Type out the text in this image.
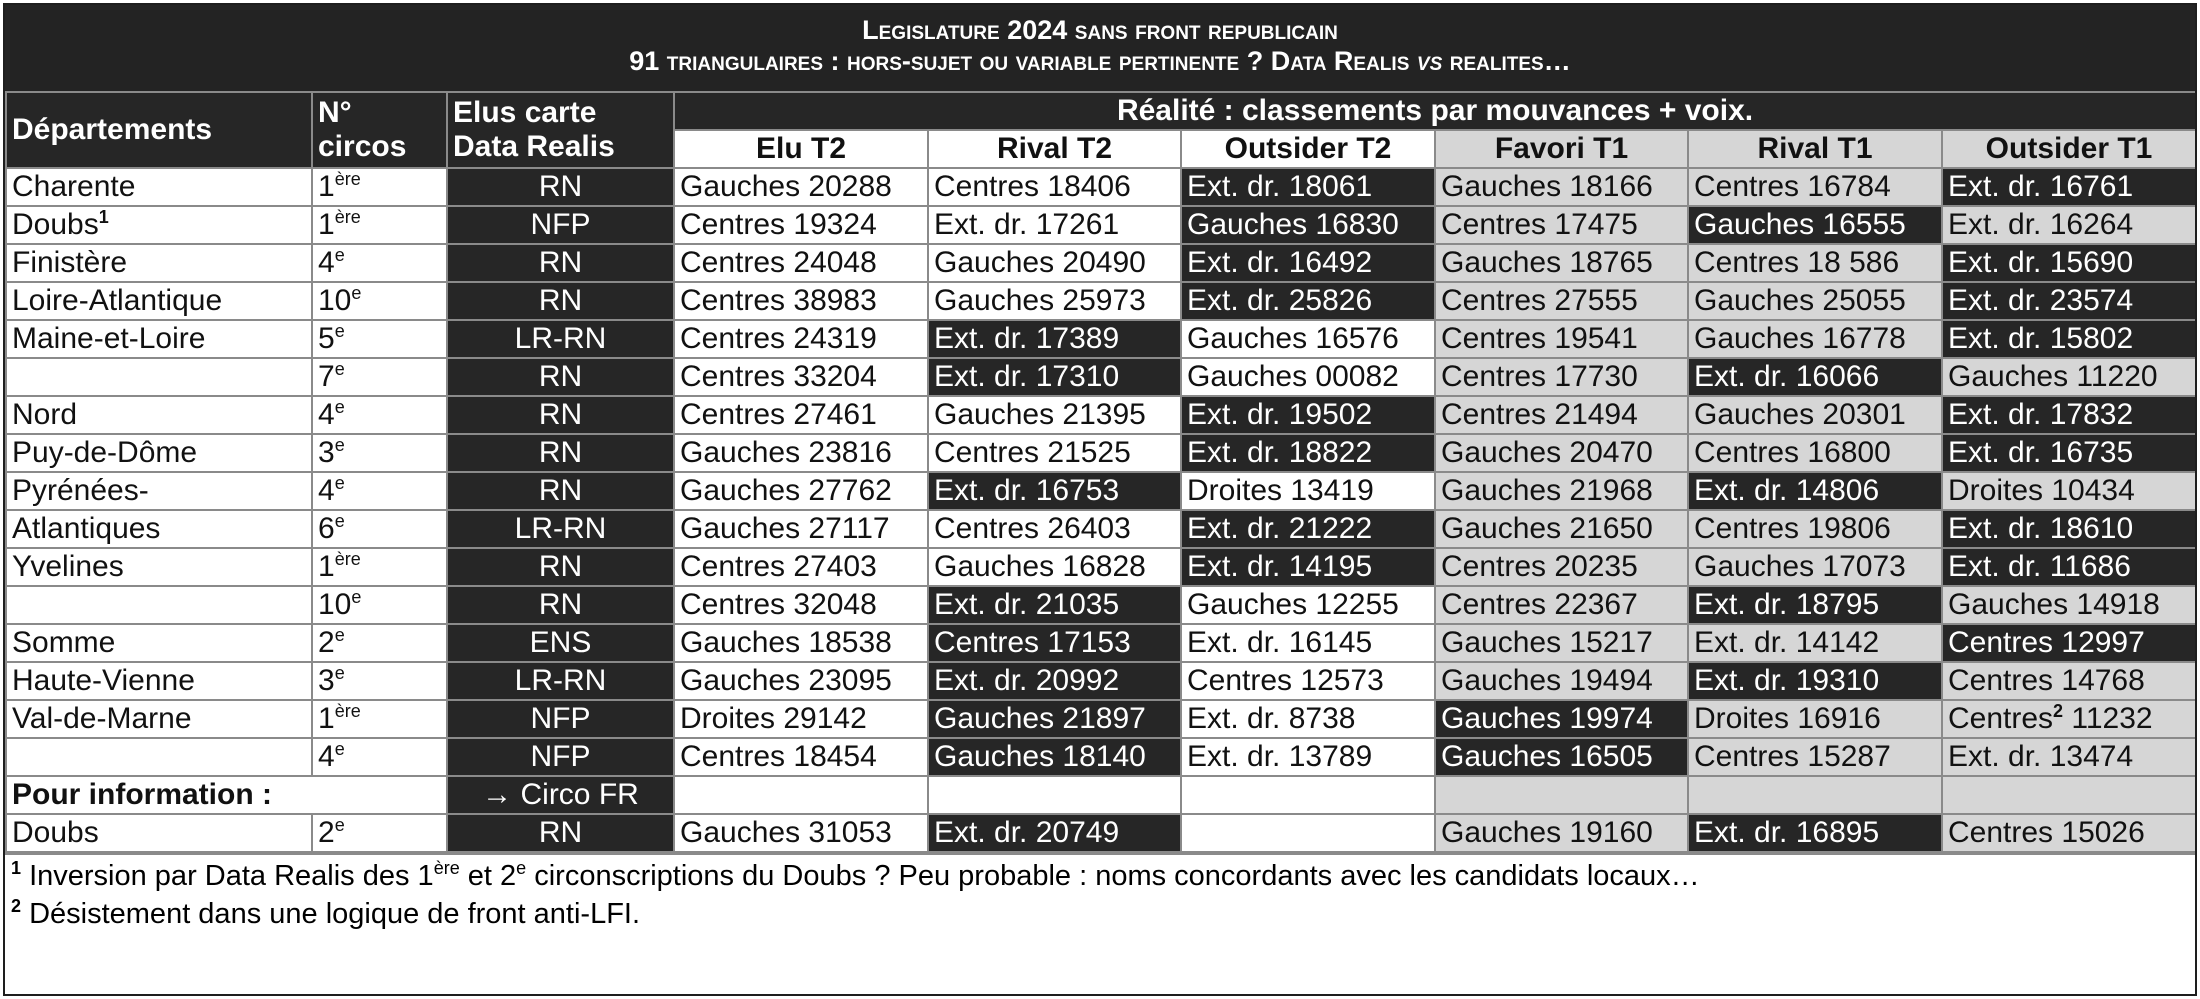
Legislature 2024 sans front republicain
91 triangulaires : hors-sujet ou variable pertinente ? Data Realis vs realites…
Départements	N° circos	Elus carte Data Realis	Réalité : classements par mouvances + voix.					
			Elu T2	Rival T2	Outsider T2	Favori T1	Rival T1	Outsider T1
Charente	1ère	RN	Gauches 20288	Centres 18406	Ext. dr. 18061	Gauches 18166	Centres 16784	Ext. dr. 16761
Doubs$^1$	1ère	NFP	Centres 19324	Ext. dr. 17261	Gauches 16830	Centres 17475	Gauches 16555	Ext. dr. 16264
Finistère	4e	RN	Centres 24048	Gauches 20490	Ext. dr. 16492	Gauches 18765	Centres 18 586	Ext. dr. 15690
Loire-Atlantique	10e	RN	Centres 38983	Gauches 25973	Ext. dr. 25826	Centres 27555	Gauches 25055	Ext. dr. 23574
Maine-et-Loire	5e	LR-RN	Centres 24319	Ext. dr. 17389	Gauches 16576	Centres 19541	Gauches 16778	Ext. dr. 15802
	7e	RN	Centres 33204	Ext. dr. 17310	Gauches 00082	Centres 17730	Ext. dr. 16066	Gauches 11220
Nord	4e	RN	Centres 27461	Gauches 21395	Ext. dr. 19502	Centres 21494	Gauches 20301	Ext. dr. 17832
Puy-de-Dôme	3e	RN	Gauches 23816	Centres 21525	Ext. dr. 18822	Gauches 20470	Centres 16800	Ext. dr. 16735
Pyrénées-	4e	RN	Gauches 27762	Ext. dr. 16753	Droites 13419	Gauches 21968	Ext. dr. 14806	Droites 10434
Atlantiques	6e	LR-RN	Gauches 27117	Centres 26403	Ext. dr. 21222	Gauches 21650	Centres 19806	Ext. dr. 18610
Yvelines	1ère	RN	Centres 27403	Gauches 16828	Ext. dr. 14195	Centres 20235	Gauches 17073	Ext. dr. 11686
	10e	RN	Centres 32048	Ext. dr. 21035	Gauches 12255	Centres 22367	Ext. dr. 18795	Gauches 14918
Somme	2e	ENS	Gauches 18538	Centres 17153	Ext. dr. 16145	Gauches 15217	Ext. dr. 14142	Centres 12997
Haute-Vienne	3e	LR-RN	Gauches 23095	Ext. dr. 20992	Centres 12573	Gauches 19494	Ext. dr. 19310	Centres 14768
Val-de-Marne	1ère	NFP	Droites 29142	Gauches 21897	Ext. dr. 8738	Gauches 19974	Droites 16916	Centres$^2$ 11232
	4e	NFP	Centres 18454	Gauches 18140	Ext. dr. 13789	Gauches 16505	Centres 15287	Ext. dr. 13474
Pour information :		→ Circo FR						
Doubs	2e	RN	Gauches 31053	Ext. dr. 20749		Gauches 19160	Ext. dr. 16895	Centres 15026
$^1$ Inversion par Data Realis des 1ère et 2e circonscriptions du Doubs ? Peu probable : noms concordants avec les candidats locaux…
$^2$ Désistement dans une logique de front anti-LFI.
